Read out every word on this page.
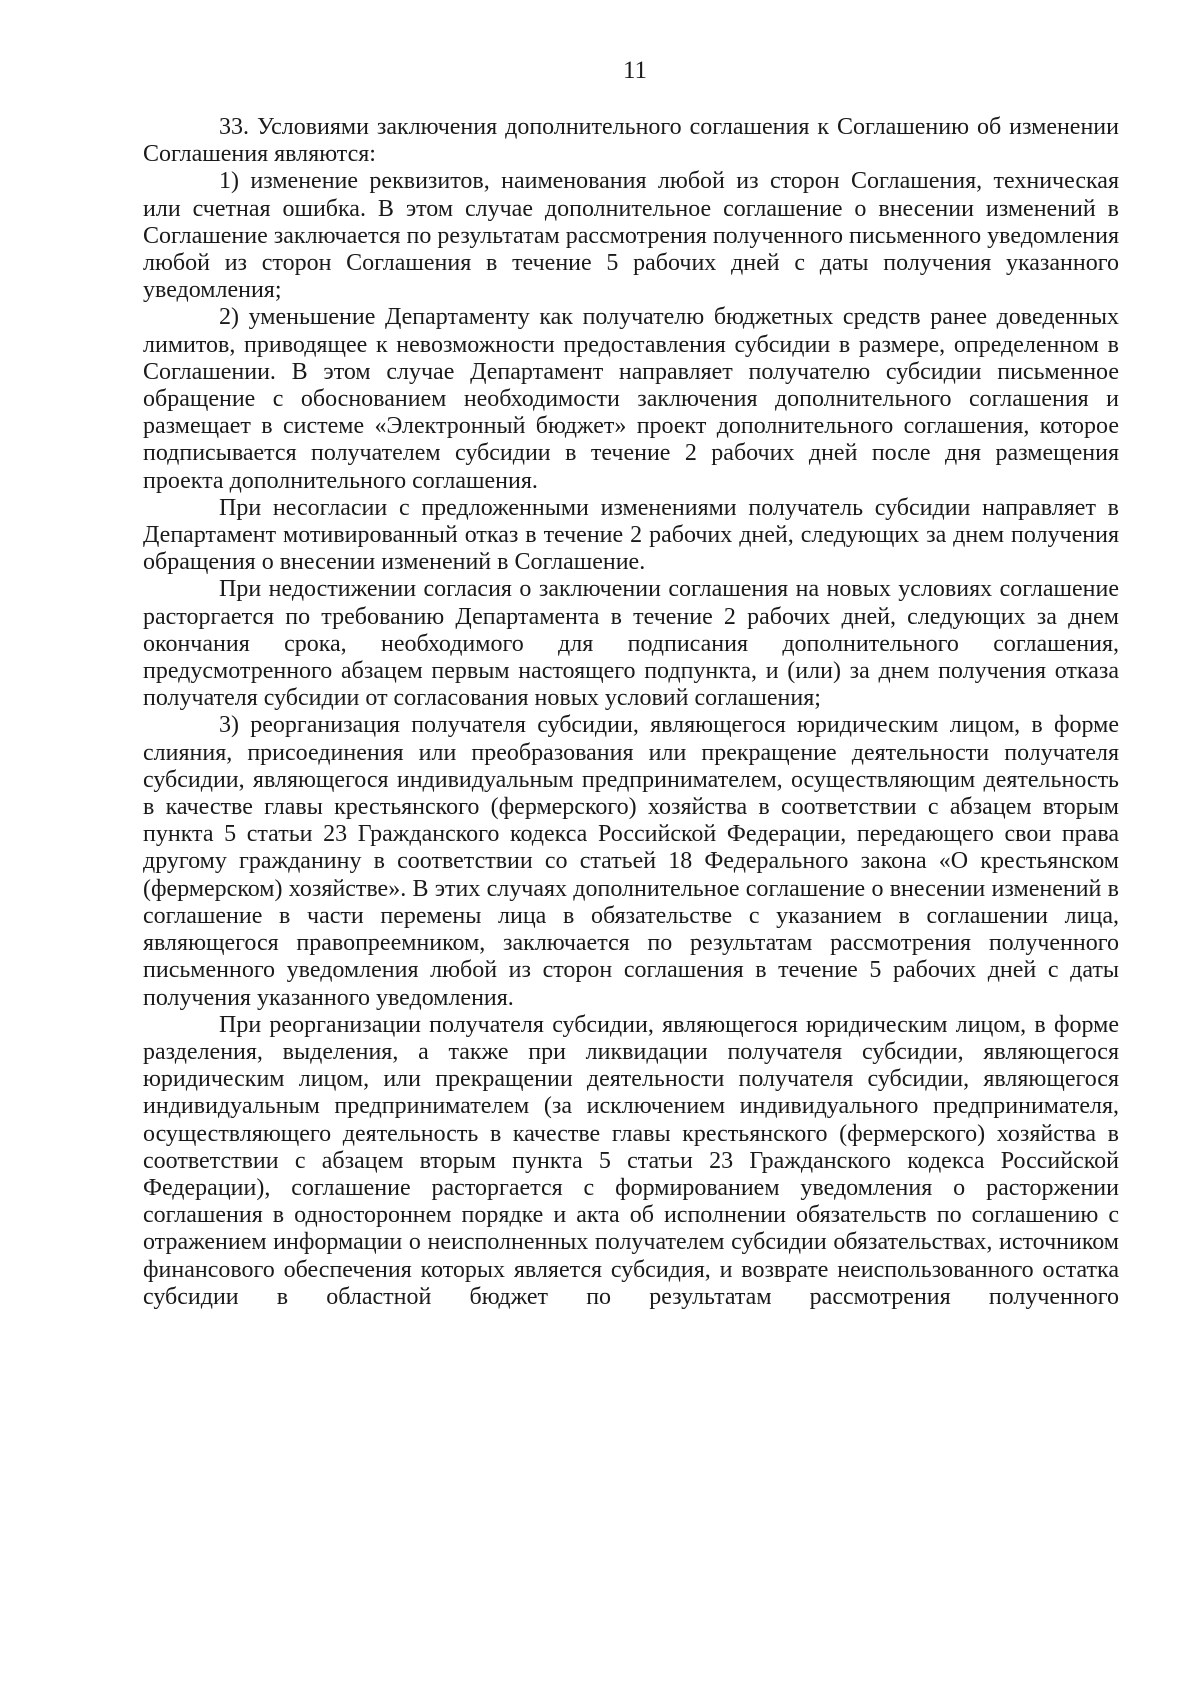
11

33. Условиями заключения дополнительного соглашения к Соглашению об изменении Соглашения являются:

1) изменение реквизитов, наименования любой из сторон Соглашения, техническая или счетная ошибка. В этом случае дополнительное соглашение о внесении изменений в Соглашение заключается по результатам рассмотрения полученного письменного уведомления любой из сторон Соглашения в течение 5 рабочих дней с даты получения указанного уведомления;

2) уменьшение Департаменту как получателю бюджетных средств ранее доведенных лимитов, приводящее к невозможности предоставления субсидии в размере, определенном в Соглашении. В этом случае Департамент направляет получателю субсидии письменное обращение с обоснованием необходимости заключения дополнительного соглашения и размещает в системе «Электронный бюджет» проект дополнительного соглашения, которое подписывается получателем субсидии в течение 2 рабочих дней после дня размещения проекта дополнительного соглашения.

При несогласии с предложенными изменениями получатель субсидии направляет в Департамент мотивированный отказ в течение 2 рабочих дней, следующих за днем получения обращения о внесении изменений в Соглашение.

При недостижении согласия о заключении соглашения на новых условиях соглашение расторгается по требованию Департамента в течение 2 рабочих дней, следующих за днем окончания срока, необходимого для подписания дополнительного соглашения, предусмотренного абзацем первым настоящего подпункта, и (или) за днем получения отказа получателя субсидии от согласования новых условий соглашения;

3) реорганизация получателя субсидии, являющегося юридическим лицом, в форме слияния, присоединения или преобразования или прекращение деятельности получателя субсидии, являющегося индивидуальным предпринимателем, осуществляющим деятельность в качестве главы крестьянского (фермерского) хозяйства в соответствии с абзацем вторым пункта 5 статьи 23 Гражданского кодекса Российской Федерации, передающего свои права другому гражданину в соответствии со статьей 18 Федерального закона «О крестьянском (фермерском) хозяйстве». В этих случаях дополнительное соглашение о внесении изменений в соглашение в части перемены лица в обязательстве с указанием в соглашении лица, являющегося правопреемником, заключается по результатам рассмотрения полученного письменного уведомления любой из сторон соглашения в течение 5 рабочих дней с даты получения указанного уведомления.

При реорганизации получателя субсидии, являющегося юридическим лицом, в форме разделения, выделения, а также при ликвидации получателя субсидии, являющегося юридическим лицом, или прекращении деятельности получателя субсидии, являющегося индивидуальным предпринимателем (за исключением индивидуального предпринимателя, осуществляющего деятельность в качестве главы крестьянского (фермерского) хозяйства в соответствии с абзацем вторым пункта 5 статьи 23 Гражданского кодекса Российской Федерации), соглашение расторгается с формированием уведомления о расторжении соглашения в одностороннем порядке и акта об исполнении обязательств по соглашению с отражением информации о неисполненных получателем субсидии обязательствах, источником финансового обеспечения которых является субсидия, и возврате неиспользованного остатка субсидии в областной бюджет по результатам рассмотрения полученного
